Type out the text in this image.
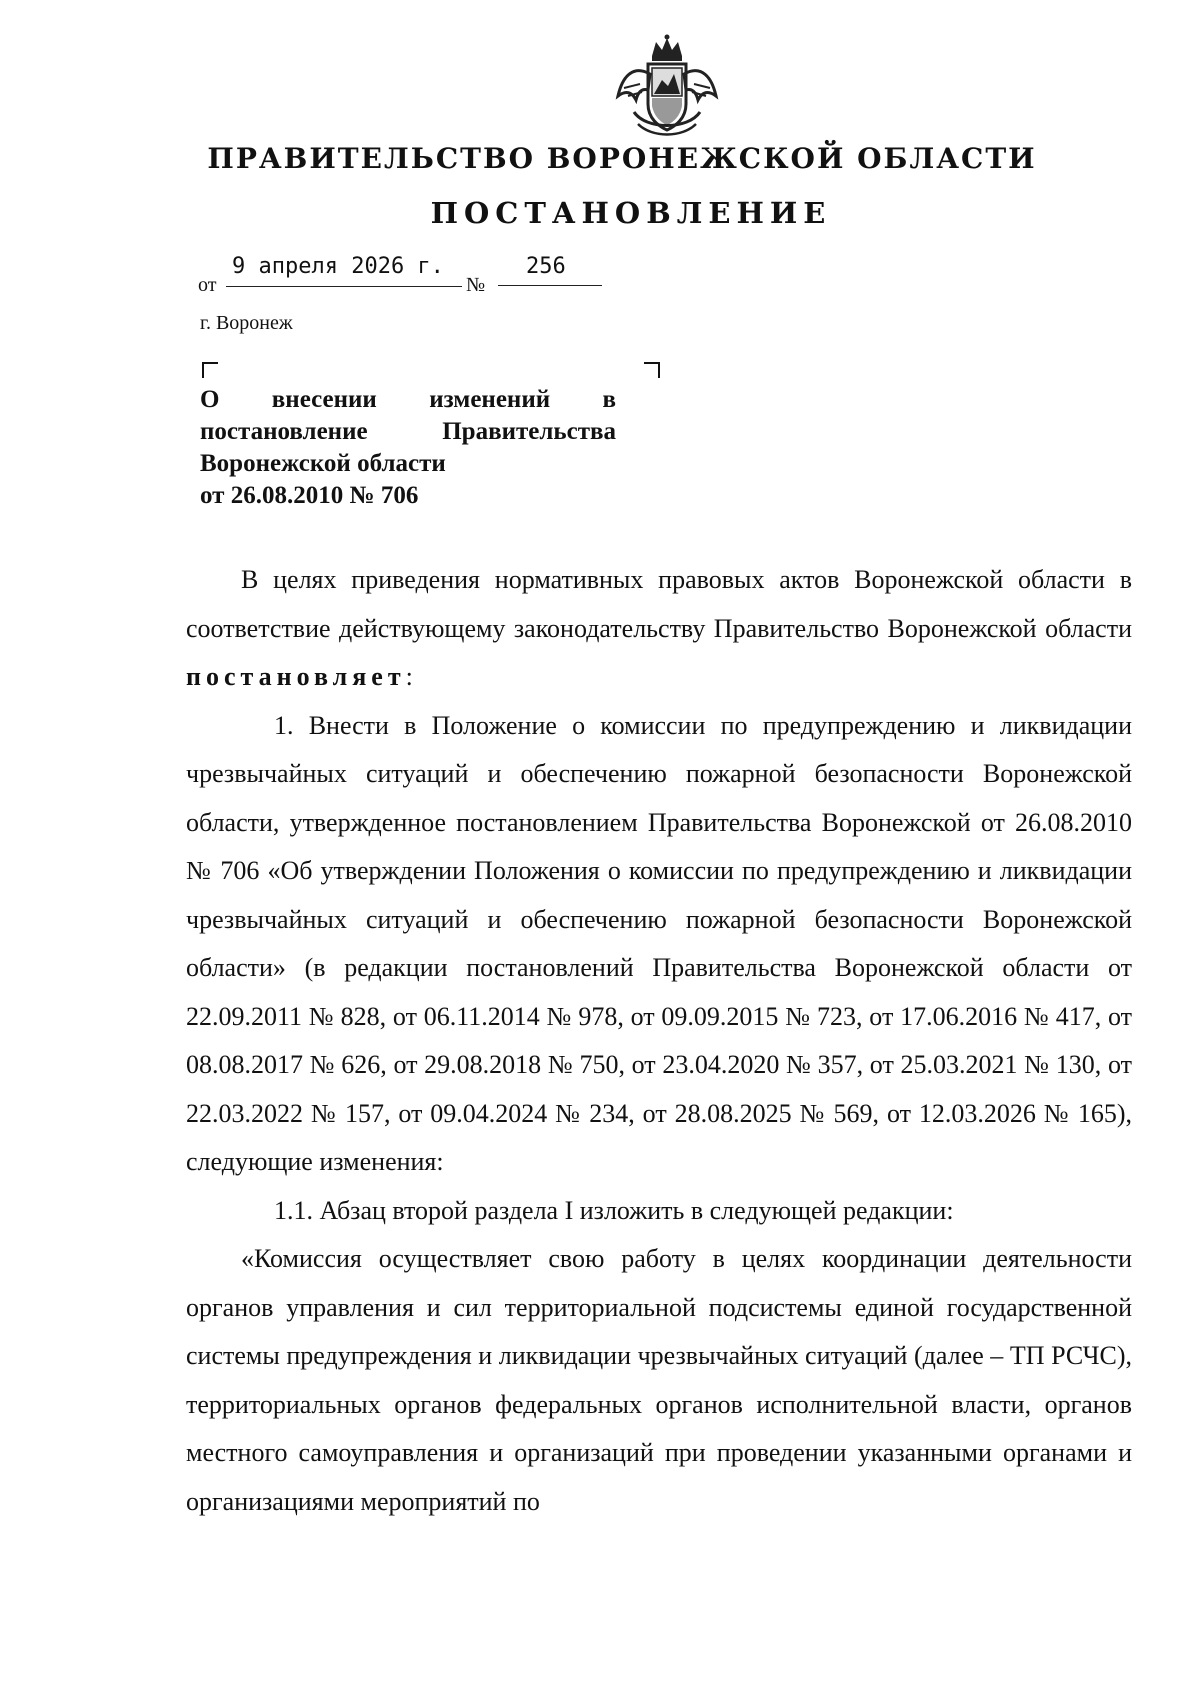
ПРАВИТЕЛЬСТВО ВОРОНЕЖСКОЙ ОБЛАСТИ
ПОСТАНОВЛЕНИЕ
от
9 апреля 2026 г.
№
256
г. Воронеж
О внесении изменений в
постановление Правительства
Воронежской области
от 26.08.2010 № 706

В целях приведения нормативных правовых актов Воронежской области в соответствие действующему законодательству Правительство Воронежской области постановляет:

1. Внести в Положение о комиссии по предупреждению и ликвидации чрезвычайных ситуаций и обеспечению пожарной безопасности Воронежской области, утвержденное постановлением Правительства Воронежской от 26.08.2010 № 706 «Об утверждении Положения о комиссии по предупреждению и ликвидации чрезвычайных ситуаций и обеспечению пожарной безопасности Воронежской области» (в редакции постановлений Правительства Воронежской области от 22.09.2011 № 828, от 06.11.2014 № 978, от 09.09.2015 № 723, от 17.06.2016 № 417, от 08.08.2017 № 626, от 29.08.2018 № 750, от 23.04.2020 № 357, от 25.03.2021 № 130, от 22.03.2022 № 157, от 09.04.2024 № 234, от 28.08.2025 № 569, от 12.03.2026 № 165), следующие изменения:

1.1. Абзац второй раздела I изложить в следующей редакции:

«Комиссия осуществляет свою работу в целях координации деятельности органов управления и сил территориальной подсистемы единой государственной системы предупреждения и ликвидации чрезвычайных ситуаций (далее – ТП РСЧС), территориальных органов федеральных органов исполнительной власти, органов местного самоуправления и организаций при проведении указанными органами и организациями мероприятий по
